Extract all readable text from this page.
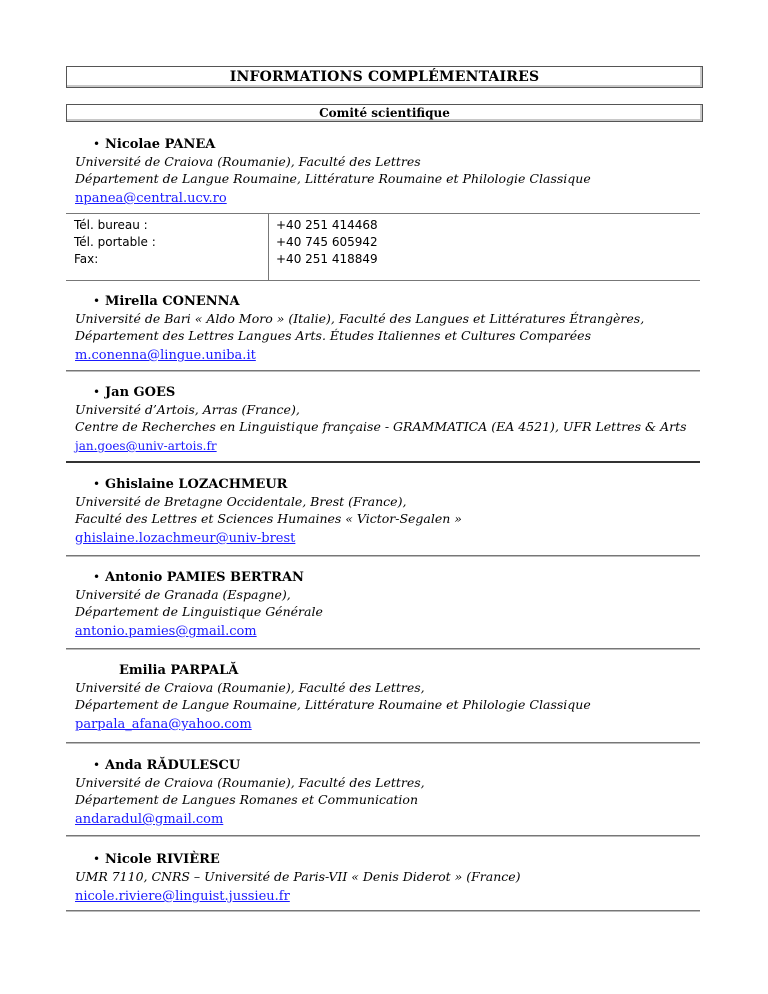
INFORMATIONS COMPLÉMENTAIRES
Comité scientifique
• Nicolae PANEA
Université de Craiova (Roumanie), Faculté des Lettres
Département de Langue Roumaine, Littérature Roumaine et Philologie Classique
npanea@central.ucv.ro
Tél. bureau :
Tél. portable :
Fax:
+40 251 414468
+40 745 605942
+40 251 418849
• Mirella CONENNA
Université de Bari « Aldo Moro » (Italie), Faculté des Langues et Littératures Étrangères,
Département des Lettres Langues Arts. Études Italiennes et Cultures Comparées
m.conenna@lingue.uniba.it
• Jan GOES
Université d’Artois, Arras (France),
Centre de Recherches en Linguistique française - GRAMMATICA (EA 4521), UFR Lettres & Arts
jan.goes@univ-artois.fr
• Ghislaine LOZACHMEUR
Université de Bretagne Occidentale, Brest (France),
Faculté des Lettres et Sciences Humaines « Victor-Segalen »
ghislaine.lozachmeur@univ-brest
• Antonio PAMIES BERTRAN
Université de Granada (Espagne),
Département de Linguistique Générale
antonio.pamies@gmail.com
Emilia PARPALĂ
Université de Craiova (Roumanie), Faculté des Lettres,
Département de Langue Roumaine, Littérature Roumaine et Philologie Classique
parpala_afana@yahoo.com
• Anda RĂDULESCU
Université de Craiova (Roumanie), Faculté des Lettres,
Département de Langues Romanes et Communication
andaradul@gmail.com
• Nicole RIVIÈRE
UMR 7110, CNRS – Université de Paris-VII « Denis Diderot » (France)
nicole.riviere@linguist.jussieu.fr
